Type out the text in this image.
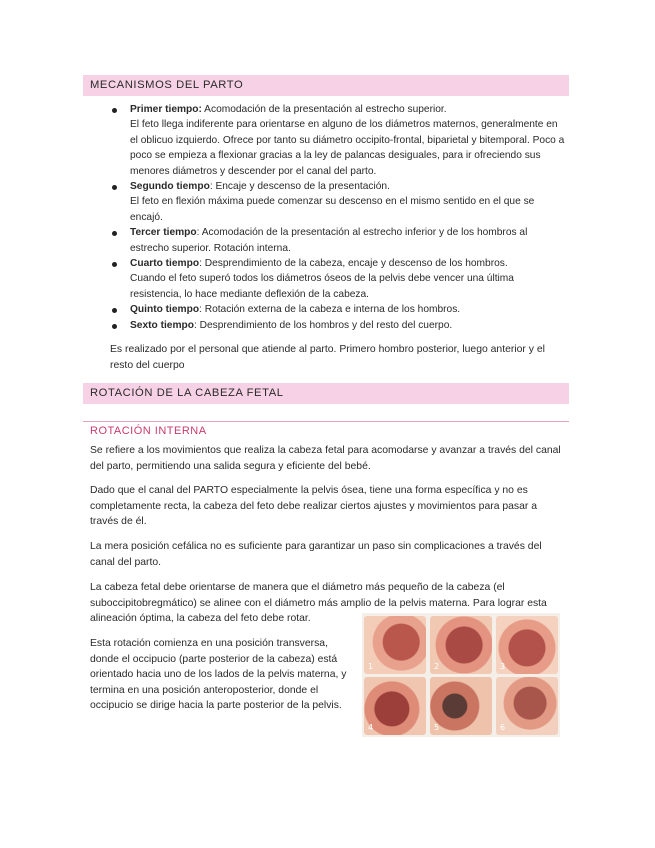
MECANISMOS DEL PARTO
Primer tiempo: Acomodación de la presentación al estrecho superior.
El feto llega indiferente para orientarse en alguno de los diámetros maternos, generalmente en el oblicuo izquierdo. Ofrece por tanto su diámetro occipito-frontal, biparietal y bitemporal. Poco a poco se empieza a flexionar gracias a la ley de palancas desiguales, para ir ofreciendo sus menores diámetros y descender por el canal del parto.
Segundo tiempo: Encaje y descenso de la presentación.
El feto en flexión máxima puede comenzar su descenso en el mismo sentido en el que se encajó.
Tercer tiempo: Acomodación de la presentación al estrecho inferior y de los hombros al estrecho superior. Rotación interna.
Cuarto tiempo: Desprendimiento de la cabeza, encaje y descenso de los hombros.
Cuando el feto superó todos los diámetros óseos de la pelvis debe vencer una última resistencia, lo hace mediante deflexión de la cabeza.
Quinto tiempo: Rotación externa de la cabeza e interna de los hombros.
Sexto tiempo: Desprendimiento de los hombros y del resto del cuerpo.

Es realizado por el personal que atiende al parto. Primero hombro posterior, luego anterior y el resto del cuerpo

ROTACIÓN DE LA CABEZA FETAL
ROTACIÓN INTERNA

Se refiere a los movimientos que realiza la cabeza fetal para acomodarse y avanzar a través del canal del parto, permitiendo una salida segura y eficiente del bebé.

Dado que el canal del PARTO especialmente la pelvis ósea, tiene una forma específica y no es completamente recta, la cabeza del feto debe realizar ciertos ajustes y movimientos para pasar a través de él.

La mera posición cefálica no es suficiente para garantizar un paso sin complicaciones a través del canal del parto.

La cabeza fetal debe orientarse de manera que el diámetro más pequeño de la cabeza (el suboccipitobregmático) se alinee con el diámetro más amplio de la pelvis materna. Para lograr esta alineación óptima, la cabeza del feto debe rotar.

Esta rotación comienza en una posición transversa, donde el occipucio (parte posterior de la cabeza) está orientado hacia uno de los lados de la pelvis materna, y termina en una posición anteroposterior, donde el occipucio se dirige hacia la parte posterior de la pelvis.

1	2	3
4	5	6
